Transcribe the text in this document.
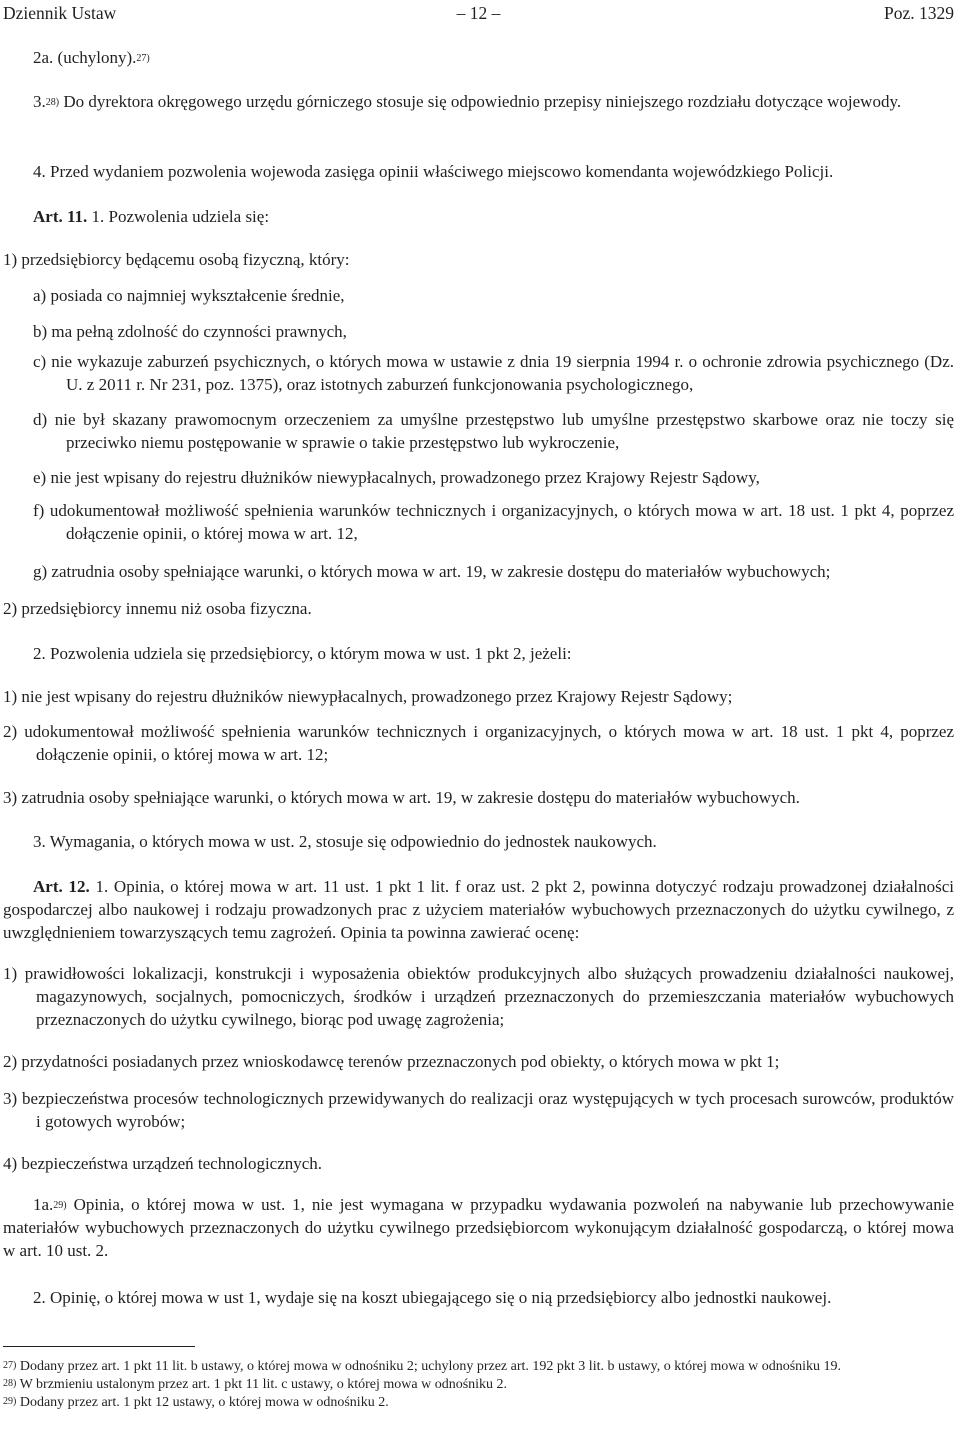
Dziennik Ustaw	– 12 –	Poz. 1329
2a. (uchylony).$^{27)}$
3.$^{28)}$ Do dyrektora okręgowego urzędu górniczego stosuje się odpowiednio przepisy niniejszego rozdziału dotyczące wojewody.
4. Przed wydaniem pozwolenia wojewoda zasięga opinii właściwego miejscowo komendanta wojewódzkiego Policji.
Art. 11. 1. Pozwolenia udziela się:
1) przedsiębiorcy będącemu osobą fizyczną, który:
a) posiada co najmniej wykształcenie średnie,
b) ma pełną zdolność do czynności prawnych,
c) nie wykazuje zaburzeń psychicznych, o których mowa w ustawie z dnia 19 sierpnia 1994 r. o ochronie zdrowia psychicznego (Dz. U. z 2011 r. Nr 231, poz. 1375), oraz istotnych zaburzeń funkcjonowania psychologicznego,
d) nie był skazany prawomocnym orzeczeniem za umyślne przestępstwo lub umyślne przestępstwo skarbowe oraz nie toczy się przeciwko niemu postępowanie w sprawie o takie przestępstwo lub wykroczenie,
e) nie jest wpisany do rejestru dłużników niewypłacalnych, prowadzonego przez Krajowy Rejestr Sądowy,
f) udokumentował możliwość spełnienia warunków technicznych i organizacyjnych, o których mowa w art. 18 ust. 1 pkt 4, poprzez dołączenie opinii, o której mowa w art. 12,
g) zatrudnia osoby spełniające warunki, o których mowa w art. 19, w zakresie dostępu do materiałów wybuchowych;
2) przedsiębiorcy innemu niż osoba fizyczna.
2. Pozwolenia udziela się przedsiębiorcy, o którym mowa w ust. 1 pkt 2, jeżeli:
1) nie jest wpisany do rejestru dłużników niewypłacalnych, prowadzonego przez Krajowy Rejestr Sądowy;
2) udokumentował możliwość spełnienia warunków technicznych i organizacyjnych, o których mowa w art. 18 ust. 1 pkt 4, poprzez dołączenie opinii, o której mowa w art. 12;
3) zatrudnia osoby spełniające warunki, o których mowa w art. 19, w zakresie dostępu do materiałów wybuchowych.
3. Wymagania, o których mowa w ust. 2, stosuje się odpowiednio do jednostek naukowych.
Art. 12. 1. Opinia, o której mowa w art. 11 ust. 1 pkt 1 lit. f oraz ust. 2 pkt 2, powinna dotyczyć rodzaju prowadzonej działalności gospodarczej albo naukowej i rodzaju prowadzonych prac z użyciem materiałów wybuchowych przeznaczonych do użytku cywilnego, z uwzględnieniem towarzyszących temu zagrożeń. Opinia ta powinna zawierać ocenę:
1) prawidłowości lokalizacji, konstrukcji i wyposażenia obiektów produkcyjnych albo służących prowadzeniu działalności naukowej, magazynowych, socjalnych, pomocniczych, środków i urządzeń przeznaczonych do przemieszczania materiałów wybuchowych przeznaczonych do użytku cywilnego, biorąc pod uwagę zagrożenia;
2) przydatności posiadanych przez wnioskodawcę terenów przeznaczonych pod obiekty, o których mowa w pkt 1;
3) bezpieczeństwa procesów technologicznych przewidywanych do realizacji oraz występujących w tych procesach surowców, produktów i gotowych wyrobów;
4) bezpieczeństwa urządzeń technologicznych.
1a.$^{29)}$ Opinia, o której mowa w ust. 1, nie jest wymagana w przypadku wydawania pozwoleń na nabywanie lub przechowywanie materiałów wybuchowych przeznaczonych do użytku cywilnego przedsiębiorcom wykonującym działalność gospodarczą, o której mowa w art. 10 ust. 2.
2. Opinię, o której mowa w ust 1, wydaje się na koszt ubiegającego się o nią przedsiębiorcy albo jednostki naukowej.
$^{27)}$ Dodany przez art. 1 pkt 11 lit. b ustawy, o której mowa w odnośniku 2; uchylony przez art. 192 pkt 3 lit. b ustawy, o której mowa w odnośniku 19.
$^{28)}$ W brzmieniu ustalonym przez art. 1 pkt 11 lit. c ustawy, o której mowa w odnośniku 2.
$^{29)}$ Dodany przez art. 1 pkt 12 ustawy, o której mowa w odnośniku 2.
